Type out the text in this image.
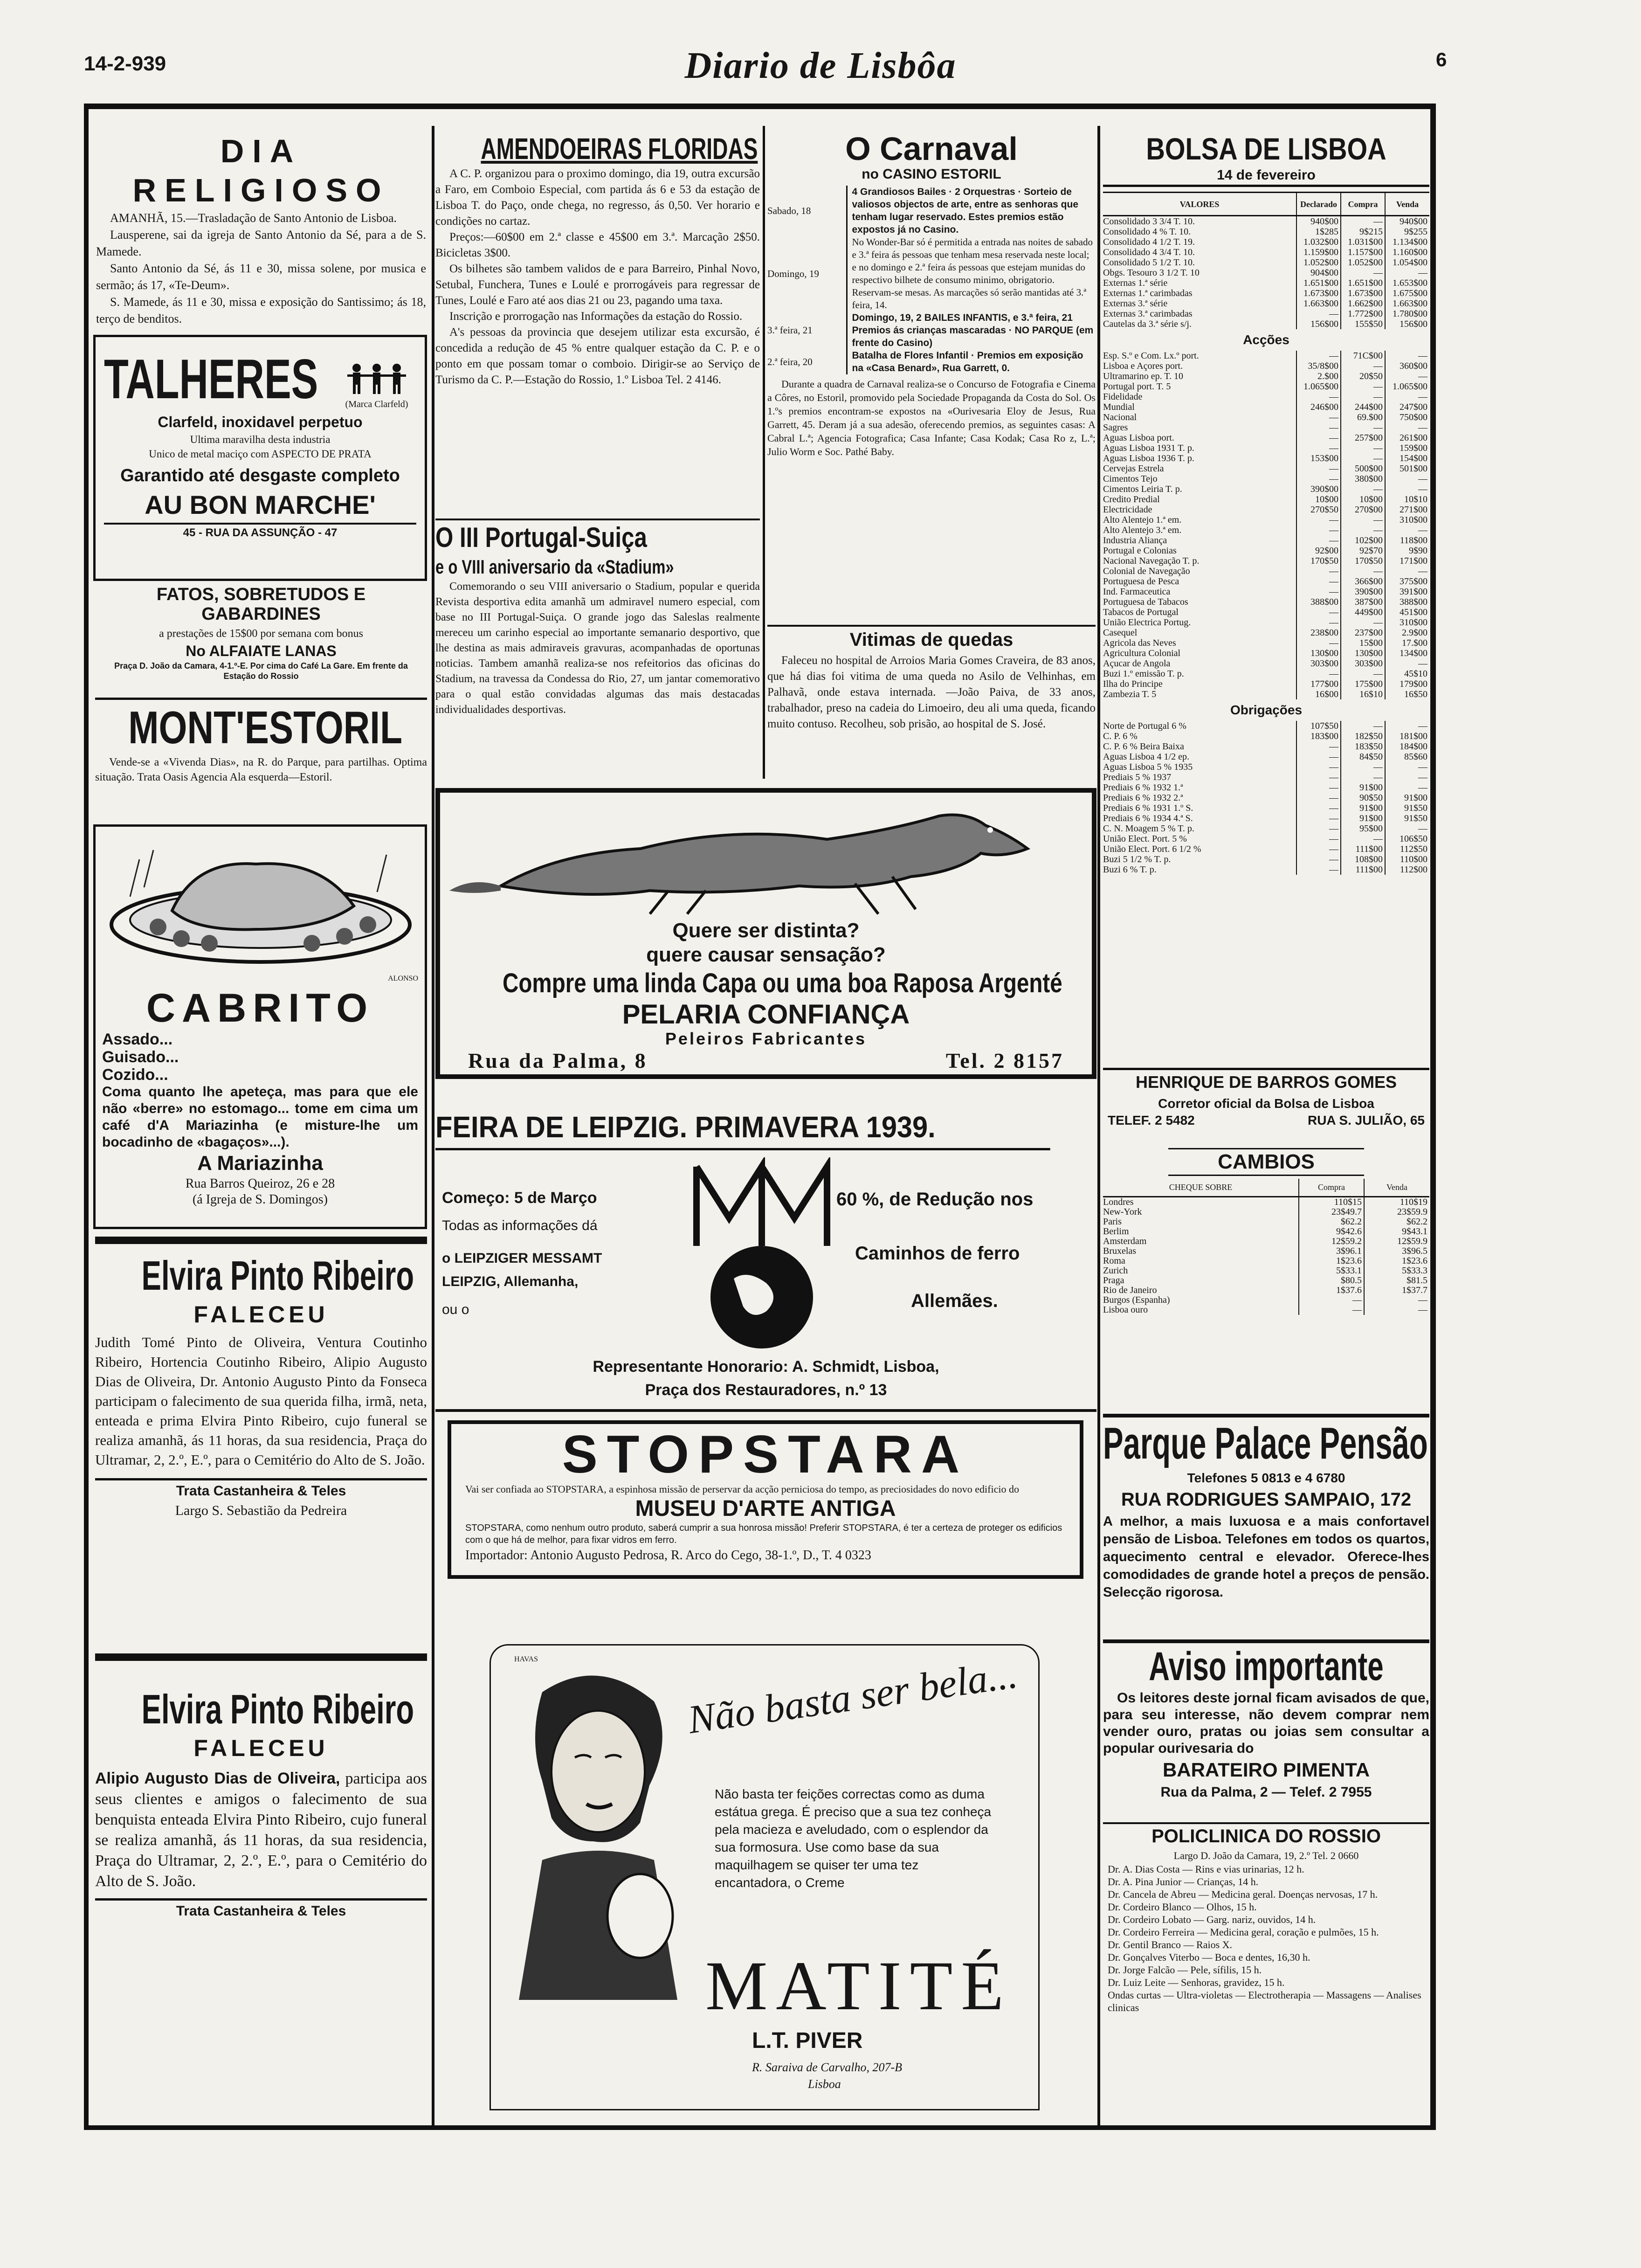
14-2-939	Diario de Lisbôa	6
DIA RELIGIOSO
AMANHÃ, 15.—Trasladação de Santo Antonio de Lisboa.
Lausperene, sai da igreja de Santo Antonio da Sé, para a de S. Mamede.
Santo Antonio da Sé, ás 11 e 30, missa solene, por musica e sermão; ás 17, «Te-Deum».
S. Mamede, ás 11 e 30, missa e exposição do Santissimo; ás 18, terço de benditos.
TALHERES	(Marca Clarfeld)
Clarfeld, inoxidavel perpetuo
Ultima maravilha desta industria
Unico de metal maciço com ASPECTO DE PRATA
Garantido até desgaste completo
AU BON MARCHE'
45 - RUA DA ASSUNÇÃO - 47
FATOS, SOBRETUDOS E GABARDINES
a prestações de 15$00 por semana com bonus
No ALFAIATE LANAS
Praça D. João da Camara, 4-1.º-E. Por cima do Café La Gare. Em frente da Estação do Rossio
MONT'ESTORIL
Vende-se a «Vivenda Dias», na R. do Parque, para partilhas. Optima situação. Trata Oasis Agencia Ala esquerda—Estoril.
ALONSO
CABRITO
Assado...
Guisado...
Cozido...
Coma quanto lhe apeteça, mas para que ele não «berre» no estomago... tome em cima um café d'A Mariazinha (e misture-lhe um bocadinho de «bagaços»...).
A Mariazinha
Rua Barros Queiroz, 26 e 28
(á Igreja de S. Domingos)
Elvira Pinto Ribeiro
FALECEU
Judith Tomé Pinto de Oliveira, Ventura Coutinho Ribeiro, Hortencia Coutinho Ribeiro, Alipio Augusto Dias de Oliveira, Dr. Antonio Augusto Pinto da Fonseca participam o falecimento de sua querida filha, irmã, neta, enteada e prima Elvira Pinto Ribeiro, cujo funeral se realiza amanhã, ás 11 horas, da sua residencia, Praça do Ultramar, 2, 2.º, E.º, para o Cemitério do Alto de S. João.
Trata Castanheira & Teles
Largo S. Sebastião da Pedreira
Elvira Pinto Ribeiro
FALECEU
Alipio Augusto Dias de Oliveira, participa aos seus clientes e amigos o falecimento de sua benquista enteada Elvira Pinto Ribeiro, cujo funeral se realiza amanhã, ás 11 horas, da sua residencia, Praça do Ultramar, 2, 2.º, E.º, para o Cemitério do Alto de S. João.
Trata Castanheira & Teles
AMENDOEIRAS FLORIDAS
A C. P. organizou para o proximo domingo, dia 19, outra excursão a Faro, em Comboio Especial, com partida ás 6 e 53 da estação de Lisboa T. do Paço, onde chega, no regresso, ás 0,50. Ver horario e condições no cartaz.
Preços:—60$00 em 2.ª classe e 45$00 em 3.ª. Marcação 2$50. Bicicletas 3$00.
Os bilhetes são tambem validos de e para Barreiro, Pinhal Novo, Setubal, Funchera, Tunes e Loulé e prorrogáveis para regressar de Tunes, Loulé e Faro até aos dias 21 ou 23, pagando uma taxa.
Inscrição e prorrogação nas Informações da estação do Rossio.
A's pessoas da provincia que desejem utilizar esta excursão, é concedida a redução de 45 % entre qualquer estação da C. P. e o ponto em que possam tomar o comboio. Dirigir-se ao Serviço de Turismo da C. P.—Estação do Rossio, 1.º Lisboa Tel. 2 4146.
O III Portugal-Suiça
e o VIII aniversario da «Stadium»
Comemorando o seu VIII aniversario o Stadium, popular e querida Revista desportiva edita amanhã um admiravel numero especial, com base no III Portugal-Suiça. O grande jogo das Saleslas realmente mereceu um carinho especial ao importante semanario desportivo, que lhe destina as mais admiraveis gravuras, acompanhadas de oportunas noticias. Tambem amanhã realiza-se nos refeitorios das oficinas do Stadium, na travessa da Condessa do Rio, 27, um jantar comemorativo para o qual estão convidadas algumas das mais destacadas individualidades desportivas.
O Carnaval
no CASINO ESTORIL
Sabado, 18	4 Grandiosos Bailes · 2 Orquestras · Sorteio de valiosos objectos de arte, entre as senhoras que tenham lugar reservado. Estes premios estão expostos já no Casino.
Domingo, 19	No Wonder-Bar só é permitida a entrada nas noites de sabado e 3.ª feira ás pessoas que tenham mesa reservada neste local; e no domingo e 2.ª feira ás pessoas que estejam munidas do respectivo bilhete de consumo minimo, obrigatorio. Reservam-se mesas. As marcações só serão mantidas até 3.ª feira, 14.
3.ª feira, 21	Domingo, 19, 2 BAILES INFANTIS, e 3.ª feira, 21 Premios ás crianças mascaradas · NO PARQUE (em frente do Casino)
2.ª feira, 20	Batalha de Flores Infantil · Premios em exposição na «Casa Benard», Rua Garrett, 0.
Durante a quadra de Carnaval realiza-se o Concurso de Fotografia e Cinema a Côres, no Estoril, promovido pela Sociedade Propaganda da Costa do Sol. Os 1.ºs premios encontram-se expostos na «Ourivesaria Eloy de Jesus, Rua Garrett, 45. Deram já a sua adesão, oferecendo premios, as seguintes casas: A Cabral L.ª; Agencia Fotografica; Casa Infante; Casa Kodak; Casa Ro z, L.ª; Julio Worm e Soc. Pathé Baby.
Vitimas de quedas
Faleceu no hospital de Arroios Maria Gomes Craveira, de 83 anos, que há dias foi vitima de uma queda no Asilo de Velhinhas, em Palhavã, onde estava internada. —João Paiva, de 33 anos, trabalhador, preso na cadeia do Limoeiro, deu ali uma queda, ficando muito contuso. Recolheu, sob prisão, ao hospital de S. José.
Quere ser distinta?
quere causar sensação?
Compre uma linda Capa ou uma boa Raposa Argenté
PELARIA CONFIANÇA
Peleiros Fabricantes
Rua da Palma, 8	Tel. 2 8157
FEIRA DE LEIPZIG. PRIMAVERA 1939.
Começo: 5 de Março
Todas as informações dá
o LEIPZIGER MESSAMT
LEIPZIG, Allemanha,
ou o
60 %, de Redução nos
Caminhos de ferro
Allemães.
Representante Honorario: A. Schmidt, Lisboa,
Praça dos Restauradores, n.º 13
STOPSTARA
Vai ser confiada ao STOPSTARA, a espinhosa missão de perservar da acção perniciosa do tempo, as preciosidades do novo edificio do
MUSEU D'ARTE ANTIGA
STOPSTARA, como nenhum outro produto, saberá cumprir a sua honrosa missão! Preferir STOPSTARA, é ter a certeza de proteger os edificios com o que há de melhor, para fixar vidros em ferro.
Importador: Antonio Augusto Pedrosa, R. Arco do Cego, 38-1.º, D., T. 4 0323
HAVAS	Não basta ser bela...
Não basta ter feições correctas como as duma estátua grega. É preciso que a sua tez conheça pela macieza e aveludado, com o esplendor da sua formosura. Use como base da sua maquilhagem se quiser ter uma tez encantadora, o Creme
MATITÉ
L.T. PIVER
R. Saraiva de Carvalho, 207-B
Lisboa
BOLSA DE LISBOA
14 de fevereiro
VALORES	Declarado	Compra	Venda
Consolidado 3 3/4 T. 10.	940$00	—	940$00
Consolidado 4 % T. 10.	1$285	9$215	9$255
Consolidado 4 1/2 T. 19.	1.032$00	1.031$00	1.134$00
Consolidado 4 3/4 T. 10.	1.159$00	1.157$00	1.160$00
Consolidado 5 1/2 T. 10.	1.052$00	1.052$00	1.054$00
Obgs. Tesouro 3 1/2 T. 10	904$00	—	—
Externas 1.ª série	1.651$00	1.651$00	1.653$00
Externas 1.ª carimbadas	1.673$00	1.673$00	1.675$00
Externas 3.ª série	1.663$00	1.662$00	1.663$00
Externas 3.ª carimbadas	—	1.772$00	1.780$00
Cautelas da 3.ª série s/j.	156$00	155$50	156$00
Acções			
Esp. S.º e Com. Lx.º port.	—	71C$00	—
Lisboa e Açores port.	35/8$00	—	360$00
Ultramarino ep. T. 10	2.$00	20$50	—
Portugal port. T. 5	1.065$00	—	1.065$00
Fidelidade	—	—	—
Mundial	246$00	244$00	247$00
Nacional	—	69.$00	750$00
Sagres	—	—	—
Aguas Lisboa port.	—	257$00	261$00
Aguas Lisboa 1931 T. p.	—	—	159$00
Aguas Lisboa 1936 T. p.	153$00	—	154$00
Cervejas Estrela	—	500$00	501$00
Cimentos Tejo	—	380$00	—
Cimentos Leiria T. p.	390$00	—	—
Credito Predial	10$00	10$00	10$10
Electricidade	270$50	270$00	271$00
Alto Alentejo 1.ª em.	—	—	310$00
Alto Alentejo 3.ª em.	—	—	—
Industria Aliança	—	102$00	118$00
Portugal e Colonias	92$00	92$70	9$90
Nacional Navegação T. p.	170$50	170$50	171$00
Colonial de Navegação	—	—	—
Portuguesa de Pesca	—	366$00	375$00
Ind. Farmaceutica	—	390$00	391$00
Portuguesa de Tabacos	388$00	387$00	388$00
Tabacos de Portugal	—	449$00	451$00
União Electrica Portug.	—	—	310$00
Casequel	238$00	237$00	2.9$00
Agricola das Neves	—	15$00	17.$00
Agricultura Colonial	130$00	130$00	134$00
Açucar de Angola	303$00	303$00	—
Buzi 1.º emissão T. p.	—	—	45$10
Ilha do Principe	177$00	175$00	179$00
Zambezia T. 5	16$00	16$10	16$50
Obrigações			
Norte de Portugal 6 %	107$50	—	—
C. P. 6 %	183$00	182$50	181$00
C. P. 6 % Beira Baixa	—	183$50	184$00
Aguas Lisboa 4 1/2 ep.	—	84$50	85$60
Aguas Lisboa 5 % 1935	—	—	—
Prediais 5 % 1937	—	—	—
Prediais 6 % 1932 1.ª	—	91$00	—
Prediais 6 % 1932 2.ª	—	90$50	91$00
Prediais 6 % 1931 1.º S.	—	91$00	91$50
Prediais 6 % 1934 4.ª S.	—	91$00	91$50
C. N. Moagem 5 % T. p.	—	95$00	—
União Elect. Port. 5 %	—	—	106$50
União Elect. Port. 6 1/2 %	—	111$00	112$50
Buzi 5 1/2 % T. p.	—	108$00	110$00
Buzi 6 % T. p.	—	111$00	112$00
HENRIQUE DE BARROS GOMES
Corretor oficial da Bolsa de Lisboa
TELEF. 2 5482	RUA S. JULIÃO, 65
CAMBIOS
CHEQUE SOBRE	Compra	Venda
Londres	110$15	110$19
New-York	23$49.7	23$59.9
Paris	$62.2	$62.2
Berlim	9$42.6	9$43.1
Amsterdam	12$59.2	12$59.9
Bruxelas	3$96.1	3$96.5
Roma	1$23.6	1$23.6
Zurich	5$33.1	5$33.3
Praga	$80.5	$81.5
Rio de Janeiro	1$37.6	1$37.7
Burgos (Espanha)	—	—
Lisboa ouro	—	—
Parque Palace Pensão
Telefones 5 0813 e 4 6780
RUA RODRIGUES SAMPAIO, 172
A melhor, a mais luxuosa e a mais confortavel pensão de Lisboa. Telefones em todos os quartos, aquecimento central e elevador. Oferece-lhes comodidades de grande hotel a preços de pensão. Selecção rigorosa.
Aviso importante
Os leitores deste jornal ficam avisados de que, para seu interesse, não devem comprar nem vender ouro, pratas ou joias sem consultar a popular ourivesaria do
BARATEIRO PIMENTA
Rua da Palma, 2 — Telef. 2 7955
POLICLINICA DO ROSSIO
Largo D. João da Camara, 19, 2.º Tel. 2 0660
Dr. A. Dias Costa — Rins e vias urinarias, 12 h.
Dr. A. Pina Junior — Crianças, 14 h.
Dr. Cancela de Abreu — Medicina geral. Doenças nervosas, 17 h.
Dr. Cordeiro Blanco — Olhos, 15 h.
Dr. Cordeiro Lobato — Garg. nariz, ouvidos, 14 h.
Dr. Cordeiro Ferreira — Medicina geral, coração e pulmões, 15 h.
Dr. Gentil Branco — Raios X.
Dr. Gonçalves Viterbo — Boca e dentes, 16,30 h.
Dr. Jorge Falcão — Pele, sífilis, 15 h.
Dr. Luiz Leite — Senhoras, gravidez, 15 h.
Ondas curtas — Ultra-violetas — Electrotherapia — Massagens — Analises clinicas
